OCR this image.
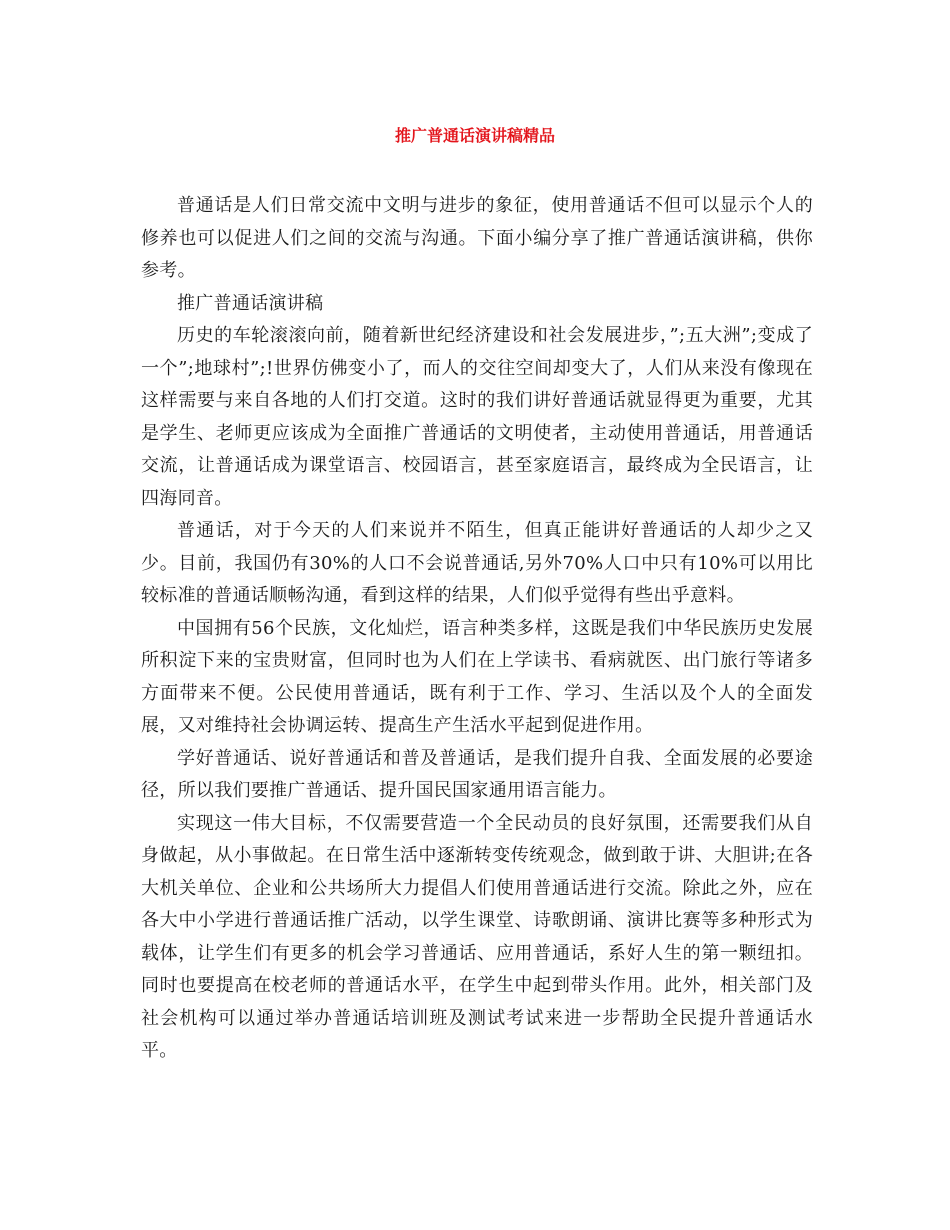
推广普通话演讲稿精品

普通话是人们日常交流中文明与进步的象征，使用普通话不但可以显示个人的修养也可以促进人们之间的交流与沟通。下面小编分享了推广普通话演讲稿，供你参考。

推广普通话演讲稿

历史的车轮滚滚向前，随着新世纪经济建设和社会发展进步，”;五大洲”;变成了一个”;地球村”;!世界仿佛变小了，而人的交往空间却变大了，人们从来没有像现在这样需要与来自各地的人们打交道。这时的我们讲好普通话就显得更为重要，尤其是学生、老师更应该成为全面推广普通话的文明使者，主动使用普通话，用普通话交流，让普通话成为课堂语言、校园语言，甚至家庭语言，最终成为全民语言，让四海同音。

普通话，对于今天的人们来说并不陌生，但真正能讲好普通话的人却少之又少。目前，我国仍有30%的人口不会说普通话,另外70%人口中只有10%可以用比较标准的普通话顺畅沟通，看到这样的结果，人们似乎觉得有些出乎意料。

中国拥有56个民族，文化灿烂，语言种类多样，这既是我们中华民族历史发展所积淀下来的宝贵财富，但同时也为人们在上学读书、看病就医、出门旅行等诸多方面带来不便。公民使用普通话，既有利于工作、学习、生活以及个人的全面发展，又对维持社会协调运转、提高生产生活水平起到促进作用。

学好普通话、说好普通话和普及普通话，是我们提升自我、全面发展的必要途径，所以我们要推广普通话、提升国民国家通用语言能力。

实现这一伟大目标，不仅需要营造一个全民动员的良好氛围，还需要我们从自身做起，从小事做起。在日常生活中逐渐转变传统观念，做到敢于讲、大胆讲;在各大机关单位、企业和公共场所大力提倡人们使用普通话进行交流。除此之外，应在各大中小学进行普通话推广活动，以学生课堂、诗歌朗诵、演讲比赛等多种形式为载体，让学生们有更多的机会学习普通话、应用普通话，系好人生的第一颗纽扣。同时也要提高在校老师的普通话水平，在学生中起到带头作用。此外，相关部门及社会机构可以通过举办普通话培训班及测试考试来进一步帮助全民提升普通话水平。
